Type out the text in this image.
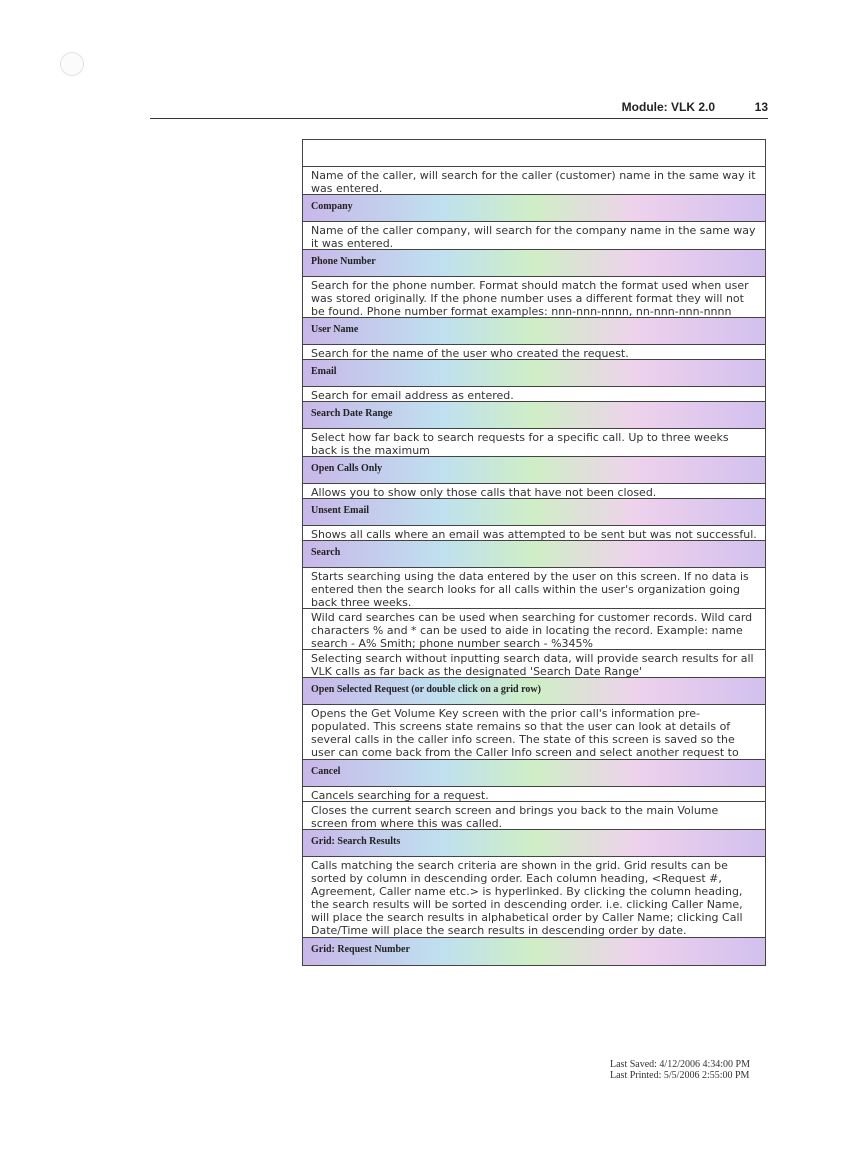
Module: VLK 2.0	13
Name of the caller, will search for the caller (customer) name in the same way it was entered.
Company
Name of the caller company, will search for the company name in the same way it was entered.
Phone Number
Search for the phone number. Format should match the format used when user was stored originally. If the phone number uses a different format they will not be found. Phone number format examples: nnn-nnn-nnnn, nn-nnn-nnn-nnnn
User Name
Search for the name of the user who created the request.
Email
Search for email address as entered.
Search Date Range
Select how far back to search requests for a specific call. Up to three weeks back is the maximum
Open Calls Only
Allows you to show only those calls that have not been closed.
Unsent Email
Shows all calls where an email was attempted to be sent but was not successful.
Search
Starts searching using the data entered by the user on this screen. If no data is entered then the search looks for all calls within the user's organization going back three weeks.
Wild card searches can be used when searching for customer records. Wild card characters % and * can be used to aide in locating the record. Example: name search - A% Smith; phone number search - %345%
Selecting search without inputting search data, will provide search results for all VLK calls as far back as the designated 'Search Date Range'
Open Selected Request (or double click on a grid row)
Opens the Get Volume Key screen with the prior call's information pre-populated. This screens state remains so that the user can look at details of several calls in the caller info screen. The state of this screen is saved so the user can come back from the Caller Info screen and select another request to
Cancel
Cancels searching for a request.
Closes the current search screen and brings you back to the main Volume screen from where this was called.
Grid: Search Results
Calls matching the search criteria are shown in the grid. Grid results can be sorted by column in descending order. Each column heading, <Request #, Agreement, Caller name etc.> is hyperlinked. By clicking the column heading, the search results will be sorted in descending order. i.e. clicking Caller Name, will place the search results in alphabetical order by Caller Name; clicking Call Date/Time will place the search results in descending order by date.
Grid: Request Number
Last Saved: 4/12/2006 4:34:00 PM
Last Printed: 5/5/2006 2:55:00 PM
